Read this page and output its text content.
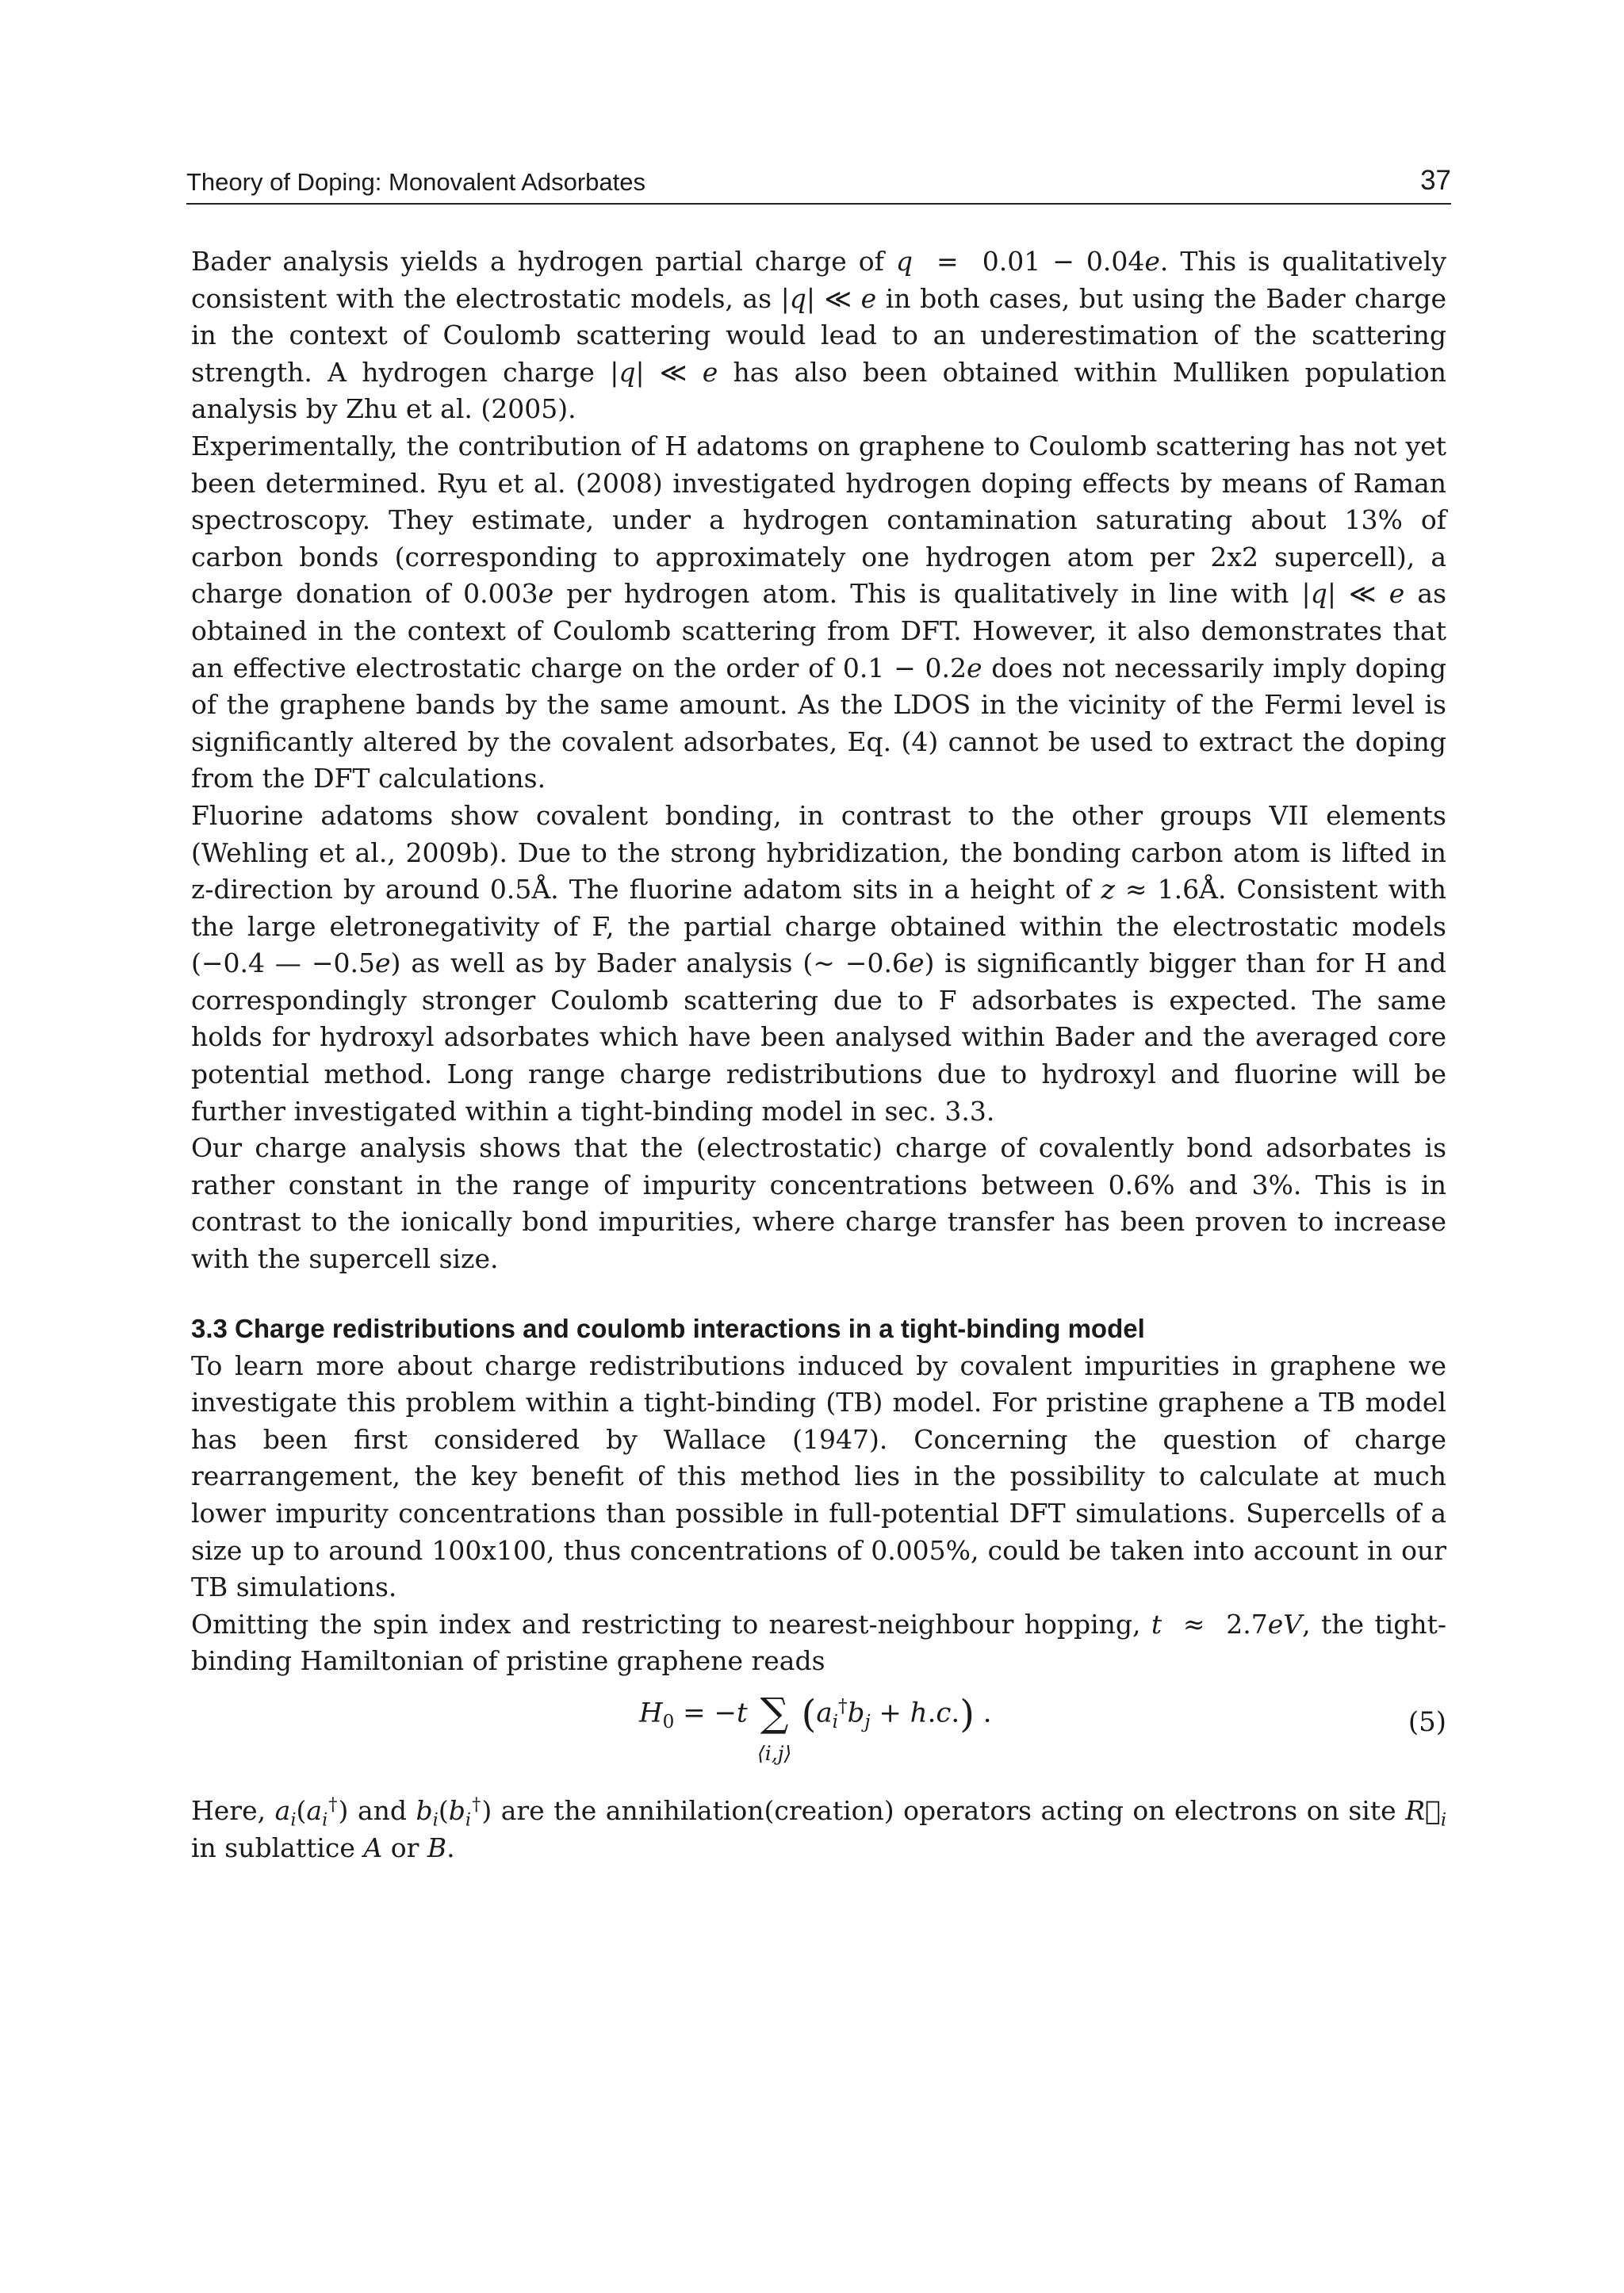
Theory of Doping: Monovalent Adsorbates	37

Bader analysis yields a hydrogen partial charge of q  =  0.01 − 0.04e. This is qualitatively consistent with the electrostatic models, as |q| ≪ e in both cases, but using the Bader charge in the context of Coulomb scattering would lead to an underestimation of the scattering strength. A hydrogen charge |q| ≪ e has also been obtained within Mulliken population analysis by Zhu et al. (2005).

Experimentally, the contribution of H adatoms on graphene to Coulomb scattering has not yet been determined. Ryu et al. (2008) investigated hydrogen doping effects by means of Raman spectroscopy. They estimate, under a hydrogen contamination saturating about 13% of carbon bonds (corresponding to approximately one hydrogen atom per 2x2 supercell), a charge donation of 0.003e per hydrogen atom. This is qualitatively in line with |q| ≪ e as obtained in the context of Coulomb scattering from DFT. However, it also demonstrates that an effective electrostatic charge on the order of 0.1 − 0.2e does not necessarily imply doping of the graphene bands by the same amount. As the LDOS in the vicinity of the Fermi level is significantly altered by the covalent adsorbates, Eq. (4) cannot be used to extract the doping from the DFT calculations.

Fluorine adatoms show covalent bonding, in contrast to the other groups VII elements (Wehling et al., 2009b). Due to the strong hybridization, the bonding carbon atom is lifted in z-direction by around 0.5Å. The fluorine adatom sits in a height of z ≈ 1.6Å. Consistent with the large eletronegativity of F, the partial charge obtained within the electrostatic models (−0.4 — −0.5e) as well as by Bader analysis (∼ −0.6e) is significantly bigger than for H and correspondingly stronger Coulomb scattering due to F adsorbates is expected. The same holds for hydroxyl adsorbates which have been analysed within Bader and the averaged core potential method. Long range charge redistributions due to hydroxyl and fluorine will be further investigated within a tight-binding model in sec. 3.3.

Our charge analysis shows that the (electrostatic) charge of covalently bond adsorbates is rather constant in the range of impurity concentrations between 0.6% and 3%. This is in contrast to the ionically bond impurities, where charge transfer has been proven to increase with the supercell size.

3.3 Charge redistributions and coulomb interactions in a tight-binding model

To learn more about charge redistributions induced by covalent impurities in graphene we investigate this problem within a tight-binding (TB) model. For pristine graphene a TB model has been first considered by Wallace (1947). Concerning the question of charge rearrangement, the key benefit of this method lies in the possibility to calculate at much lower impurity concentrations than possible in full-potential DFT simulations. Supercells of a size up to around 100x100, thus concentrations of 0.005%, could be taken into account in our TB simulations.

Omitting the spin index and restricting to nearest-neighbour hopping, t  ≈  2.7eV, the tight-binding Hamiltonian of pristine graphene reads

$H_0 = -t$ ∑
⟨i,j⟩
$(a_i^\dagger b_j + h.c.)$ .	(5)

Here, $a_i(a_i^\dagger)$ and $b_i(b_i^\dagger)$ are the annihilation(creation) operators acting on electrons on site $R⃗_i$ in sublattice A or B.
